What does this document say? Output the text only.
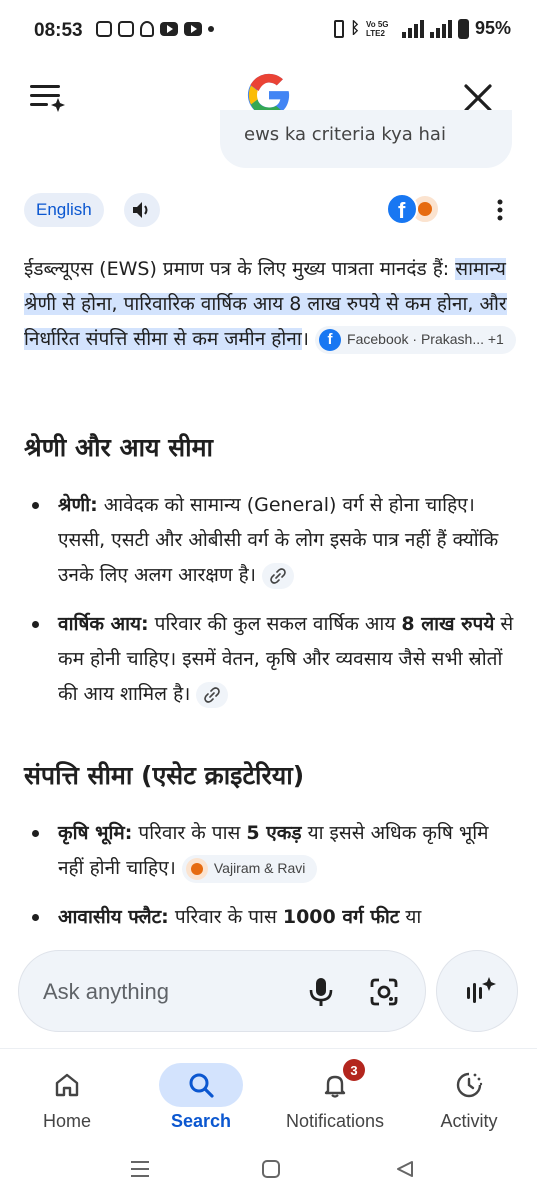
08:53	ᛒ Vo 5G LTE2	95%
ews ka criteria kya hai
English	f
ईडब्ल्यूएस (EWS) प्रमाण पत्र के लिए मुख्य पात्रता मानदंड हैं: सामान्य श्रेणी से होना, पारिवारिक वार्षिक आय 8 लाख रुपये से कम होना, और निर्धारित संपत्ति सीमा से कम जमीन होना।	f	Facebook · Prakash... +1
श्रेणी और आय सीमा
श्रेणी: आवेदक को सामान्य (General) वर्ग से होना चाहिए। एससी, एसटी और ओबीसी वर्ग के लोग इसके पात्र नहीं हैं क्योंकि उनके लिए अलग आरक्षण है।
वार्षिक आय: परिवार की कुल सकल वार्षिक आय 8 लाख रुपये से कम होनी चाहिए। इसमें वेतन, कृषि और व्यवसाय जैसे सभी स्रोतों की आय शामिल है।
संपत्ति सीमा (एसेट क्राइटेरिया)
कृषि भूमि: परिवार के पास 5 एकड़ या इससे अधिक कृषि भूमि नहीं होनी चाहिए।	Vajiram & Ravi
आवासीय फ्लैट: परिवार के पास 1000 वर्ग फीट या
Ask anything
Home	Search
3
Notifications	Activity
